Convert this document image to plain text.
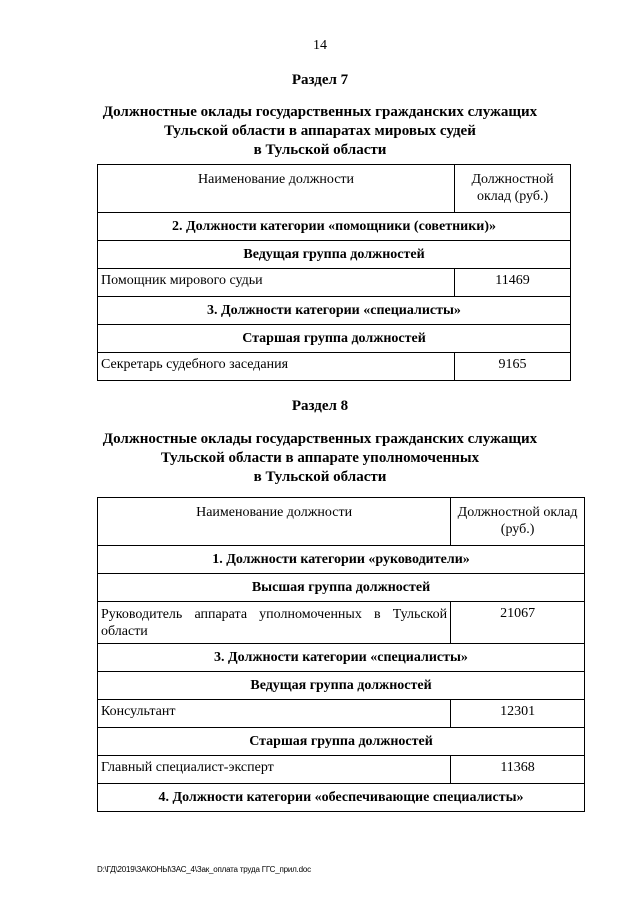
14
Раздел 7
Должностные оклады государственных гражданских служащих
Тульской области в аппаратах мировых судей
в Тульской области
Наименование должности	Должностной
оклад (руб.)

2. Должности категории «помощники (советники)»	
Ведущая группа должностей	
Помощник мирового судьи	11469
3. Должности категории «специалисты»	
Старшая группа должностей	
Секретарь судебного заседания	9165
Раздел 8
Должностные оклады государственных гражданских служащих
Тульской области в аппарате уполномоченных
в Тульской области
Наименование должности	Должностной оклад
(руб.)

1. Должности категории «руководители»	
Высшая группа должностей	
Руководитель аппарата уполномоченных в Тульской области	21067
3. Должности категории «специалисты»	
Ведущая группа должностей	
Консультант	12301
Старшая группа должностей	
Главный специалист-эксперт	11368
4. Должности категории «обеспечивающие специалисты»	
D:\ГД\2019\ЗАКОНЫ\ЗАС_4\Зак_оплата труда ГГС_прил.doc
